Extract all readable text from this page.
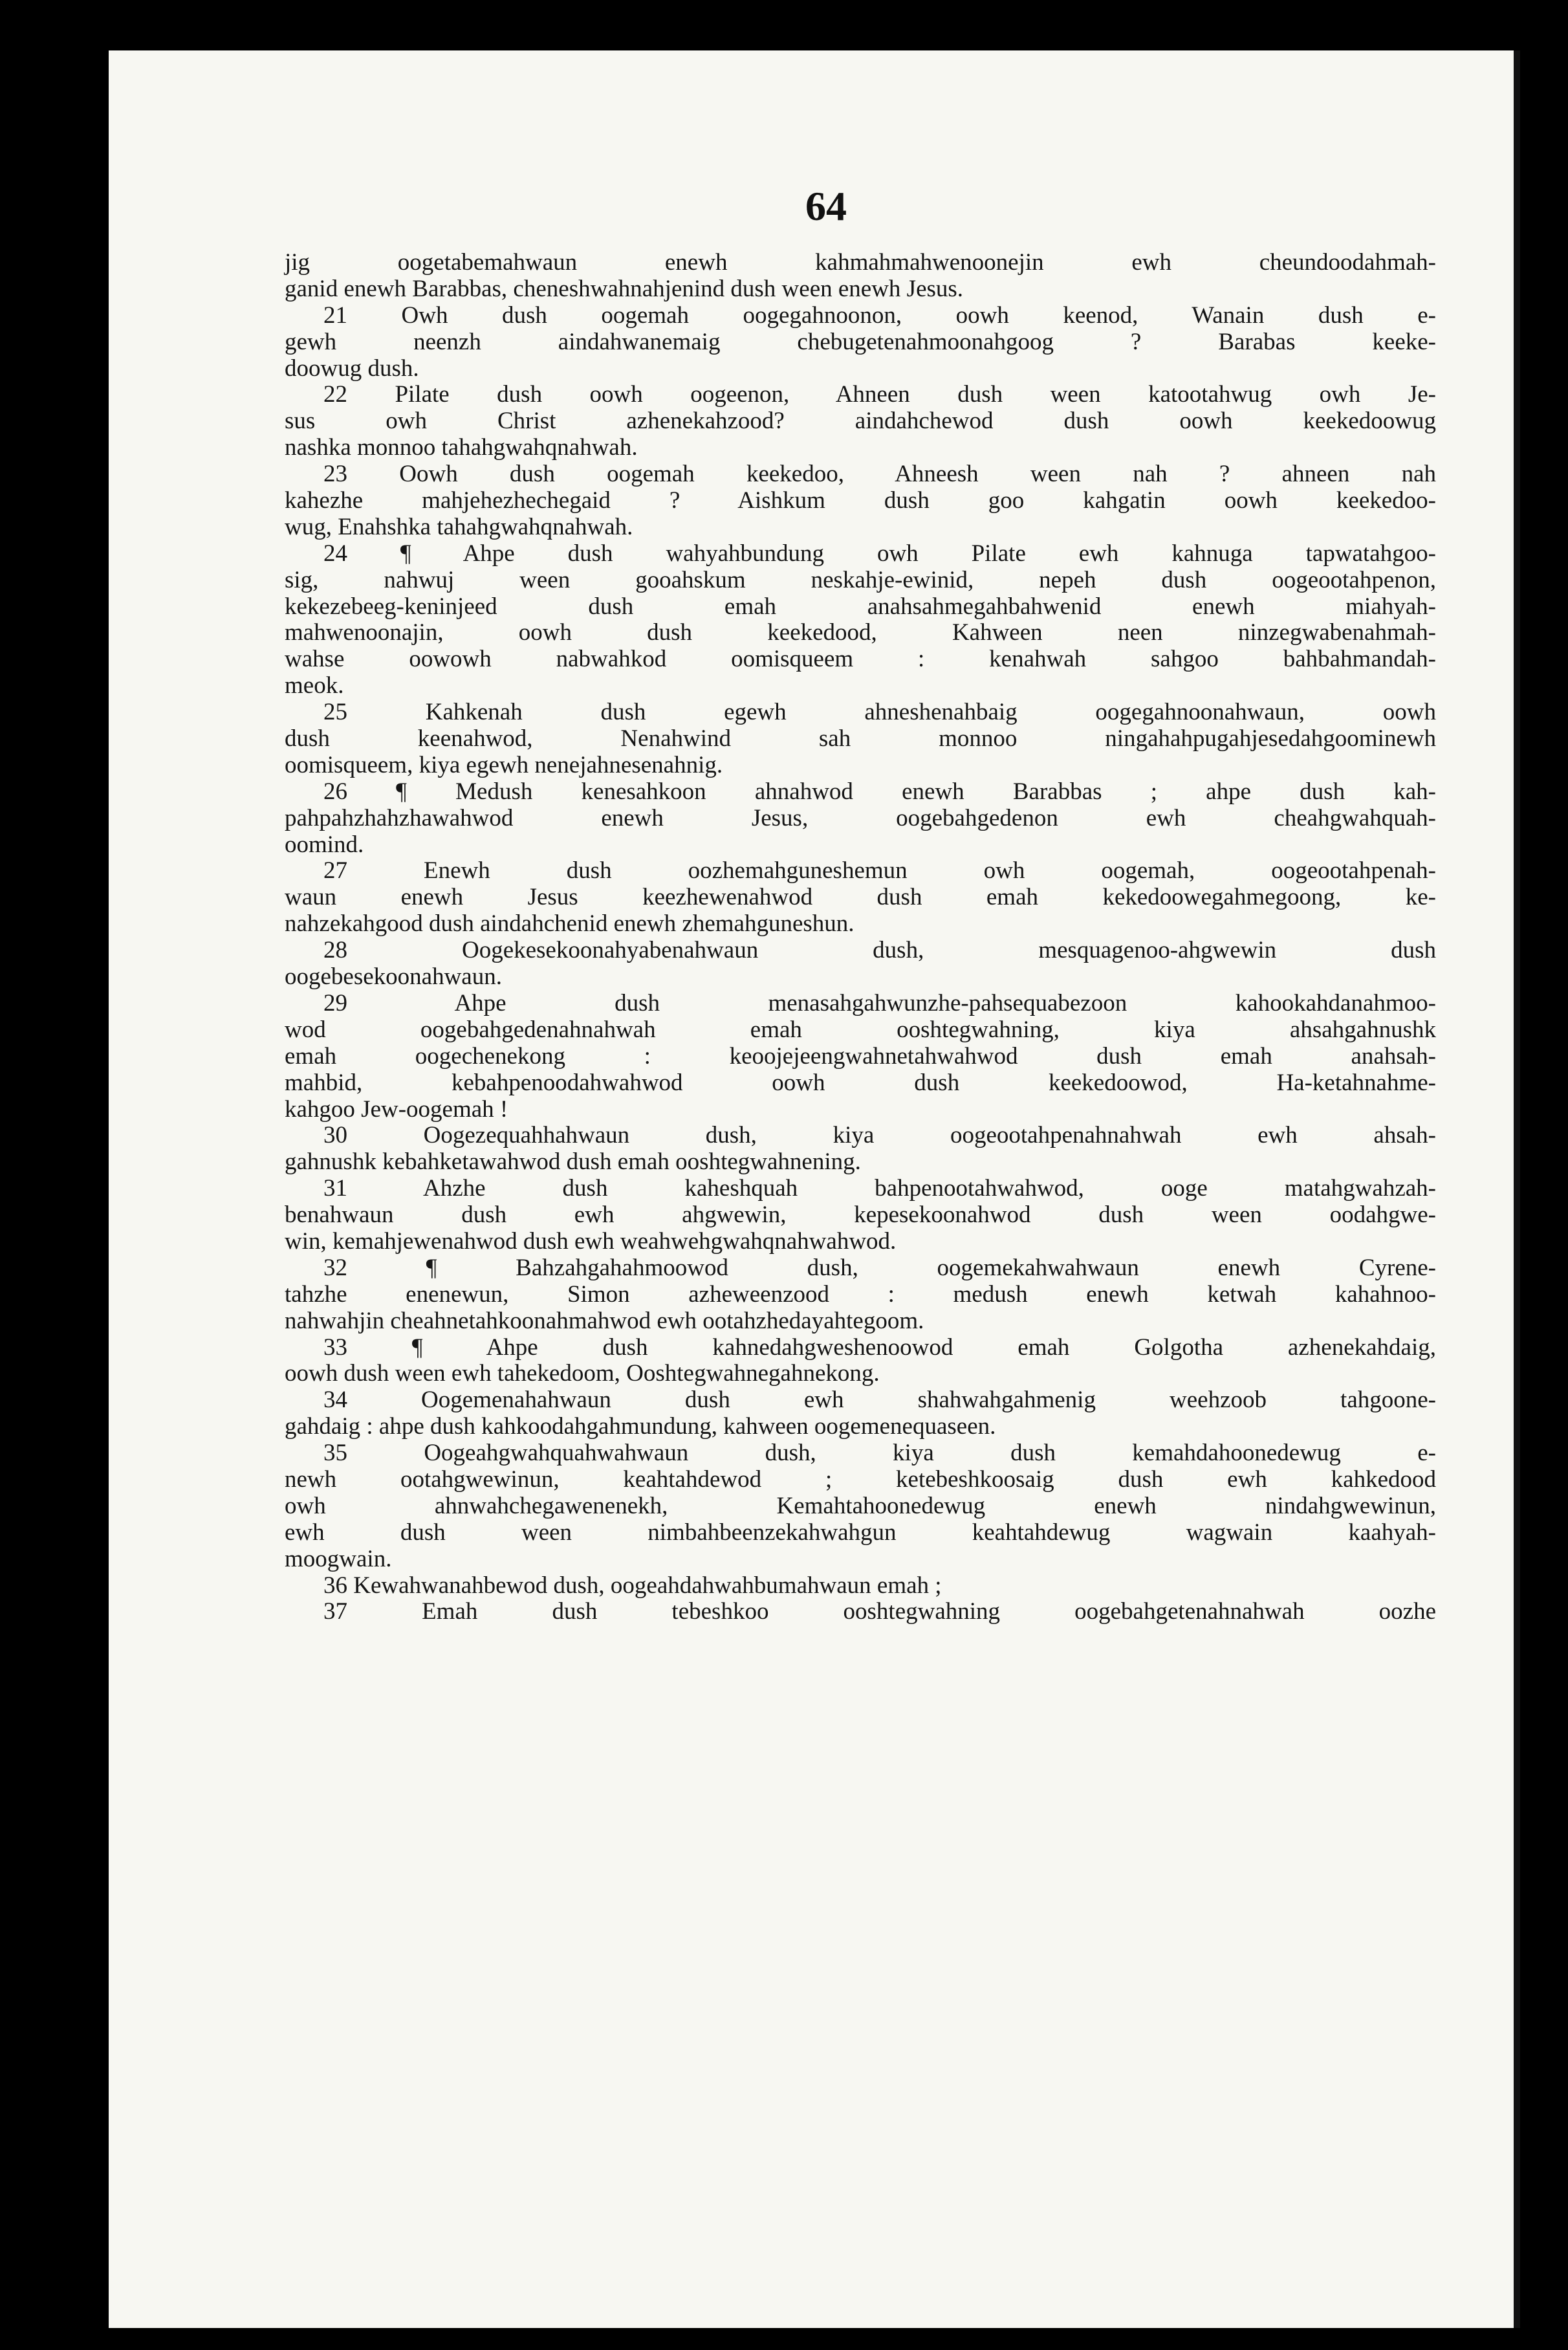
64
jig oogetabemahwaun enewh kahmahmahwenoonejin ewh cheundoodahmah-
ganid enewh Barabbas, cheneshwahnahjenind dush ween enewh Jesus.
21 Owh dush oogemah oogegahnoonon, oowh keenod, Wanain dush e-
gewh neenzh aindahwanemaig chebugetenahmoonahgoog ? Barabas keeke-
doowug dush.
22 Pilate dush oowh oogeenon, Ahneen dush ween katootahwug owh Je-
sus owh Christ azhenekahzood? aindahchewod dush oowh keekedoowug
nashka monnoo tahahgwahqnahwah.
23 Oowh dush oogemah keekedoo, Ahneesh ween nah ? ahneen nah
kahezhe mahjehezhechegaid ? Aishkum dush goo kahgatin oowh keekedoo-
wug, Enahshka tahahgwahqnahwah.
24 ¶ Ahpe dush wahyahbundung owh Pilate ewh kahnuga tapwatahgoo-
sig, nahwuj ween gooahskum neskahje-ewinid, nepeh dush oogeootahpenon,
kekezebeeg-keninjeed dush emah anahsahmegahbahwenid enewh miahyah-
mahwenoonajin, oowh dush keekedood, Kahween neen ninzegwabenahmah-
wahse oowowh nabwahkod oomisqueem : kenahwah sahgoo bahbahmandah-
meok.
25 Kahkenah dush egewh ahneshenahbaig oogegahnoonahwaun, oowh
dush keenahwod, Nenahwind sah monnoo ningahahpugahjesedahgoominewh
oomisqueem, kiya egewh nenejahnesenahnig.
26 ¶ Medush kenesahkoon ahnahwod enewh Barabbas ; ahpe dush kah-
pahpahzhahzhawahwod enewh Jesus, oogebahgedenon ewh cheahgwahquah-
oomind.
27 Enewh dush oozhemahguneshemun owh oogemah, oogeootahpenah-
waun enewh Jesus keezhewenahwod dush emah kekedoowegahmegoong, ke-
nahzekahgood dush aindahchenid enewh zhemahguneshun.
28 Oogekesekoonahyabenahwaun dush, mesquagenoo-ahgwewin dush
oogebesekoonahwaun.
29 Ahpe dush menasahgahwunzhe-pahsequabezoon kahookahdanahmoo-
wod oogebahgedenahnahwah emah ooshtegwahning, kiya ahsahgahnushk
emah oogechenekong : keoojejeengwahnetahwahwod dush emah anahsah-
mahbid, kebahpenoodahwahwod oowh dush keekedoowod, Ha-ketahnahme-
kahgoo Jew-oogemah !
30 Oogezequahhahwaun dush, kiya oogeootahpenahnahwah ewh ahsah-
gahnushk kebahketawahwod dush emah ooshtegwahnening.
31 Ahzhe dush kaheshquah bahpenootahwahwod, ooge matahgwahzah-
benahwaun dush ewh ahgwewin, kepesekoonahwod dush ween oodahgwe-
win, kemahjewenahwod dush ewh weahwehgwahqnahwahwod.
32 ¶ Bahzahgahahmoowod dush, oogemekahwahwaun enewh Cyrene-
tahzhe enenewun, Simon azheweenzood : medush enewh ketwah kahahnoo-
nahwahjin cheahnetahkoonahmahwod ewh ootahzhedayahtegoom.
33 ¶ Ahpe dush kahnedahgweshenoowod emah Golgotha azhenekahdaig,
oowh dush ween ewh tahekedoom, Ooshtegwahnegahnekong.
34 Oogemenahahwaun dush ewh shahwahgahmenig weehzoob tahgoone-
gahdaig : ahpe dush kahkoodahgahmundung, kahween oogemenequaseen.
35 Oogeahgwahquahwahwaun dush, kiya dush kemahdahoonedewug e-
newh ootahgwewinun, keahtahdewod ; ketebeshkoosaig dush ewh kahkedood
owh ahnwahchegawenenekh, Kemahtahoonedewug enewh nindahgwewinun,
ewh dush ween nimbahbeenzekahwahgun keahtahdewug wagwain kaahyah-
moogwain.
36 Kewahwanahbewod dush, oogeahdahwahbumahwaun emah ;
37 Emah dush tebeshkoo ooshtegwahning oogebahgetenahnahwah oozhe
